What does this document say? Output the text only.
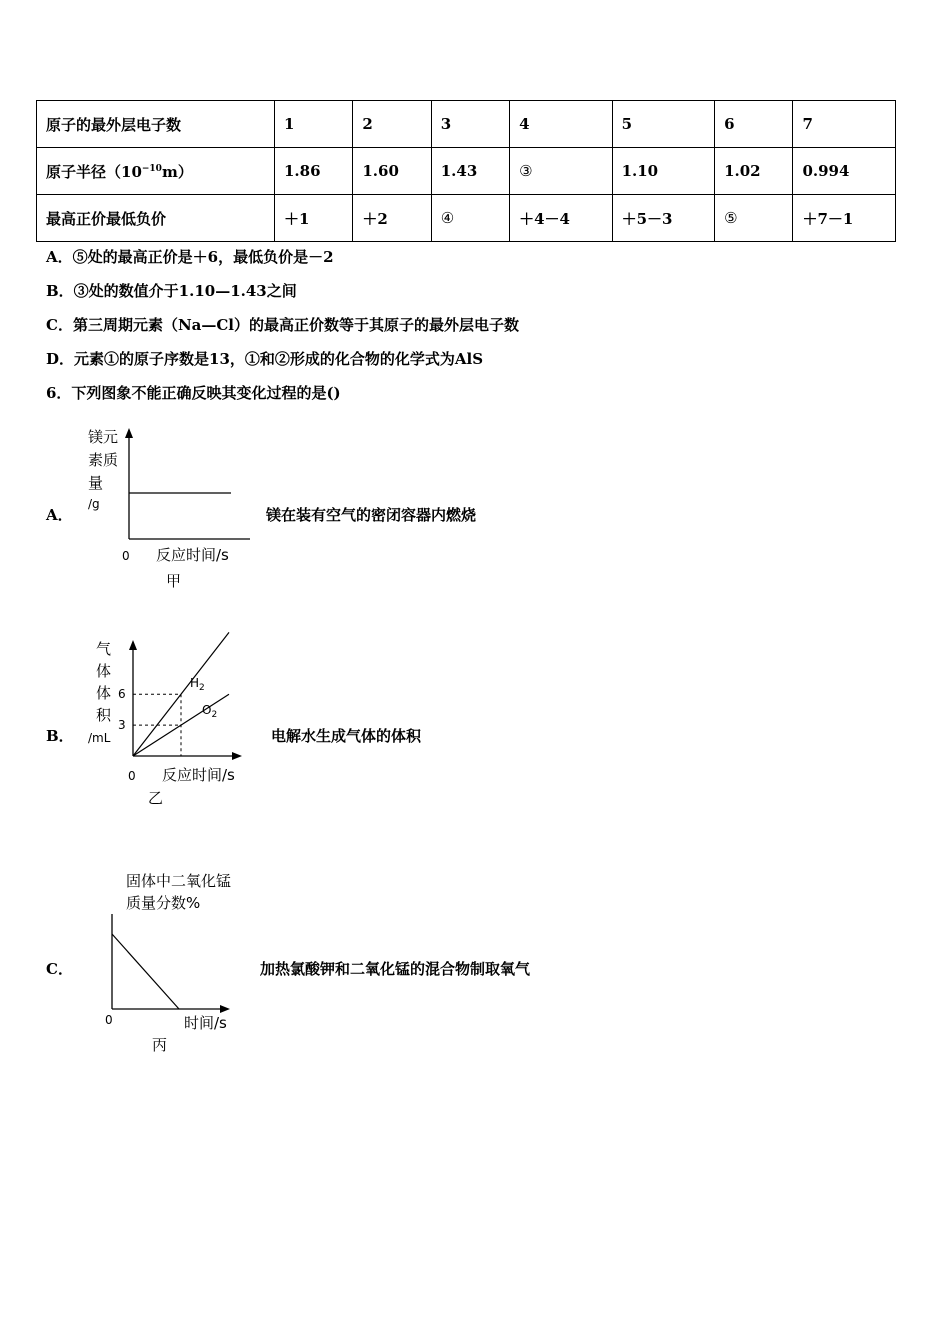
原子的最外层电子数	1	2	3	4	5	6	7
原子半径$(10^{-10}m)$	1.86	1.60	1.43	③	1.10	1.02	0.994
最高正价最低负价	＋1	＋2	④	＋4－4	＋5－3	⑤	＋7－1
A．⑤处的最高正价是＋6，最低负价是－2
B．③处的数值介于1.10—1.43之间
C．第三周期元素（Na—Cl）的最高正价数等于其原子的最外层电子数
D．元素①的原子序数是13，①和②形成的化合物的化学式为AlS
6．下列图象不能正确反映其变化过程的是()
A．
镁元
素质
量
/g
0 反应时间/s
甲
镁在装有空气的密闭容器内燃烧
B．
气
体
体
积
/mL
6
3
$H_2$
$O_2$
0 反应时间/s
乙
电解水生成气体的体积
C．
固体中二氧化锰
质量分数%
0	时间/s
丙
加热氯酸钾和二氧化锰的混合物制取氧气
